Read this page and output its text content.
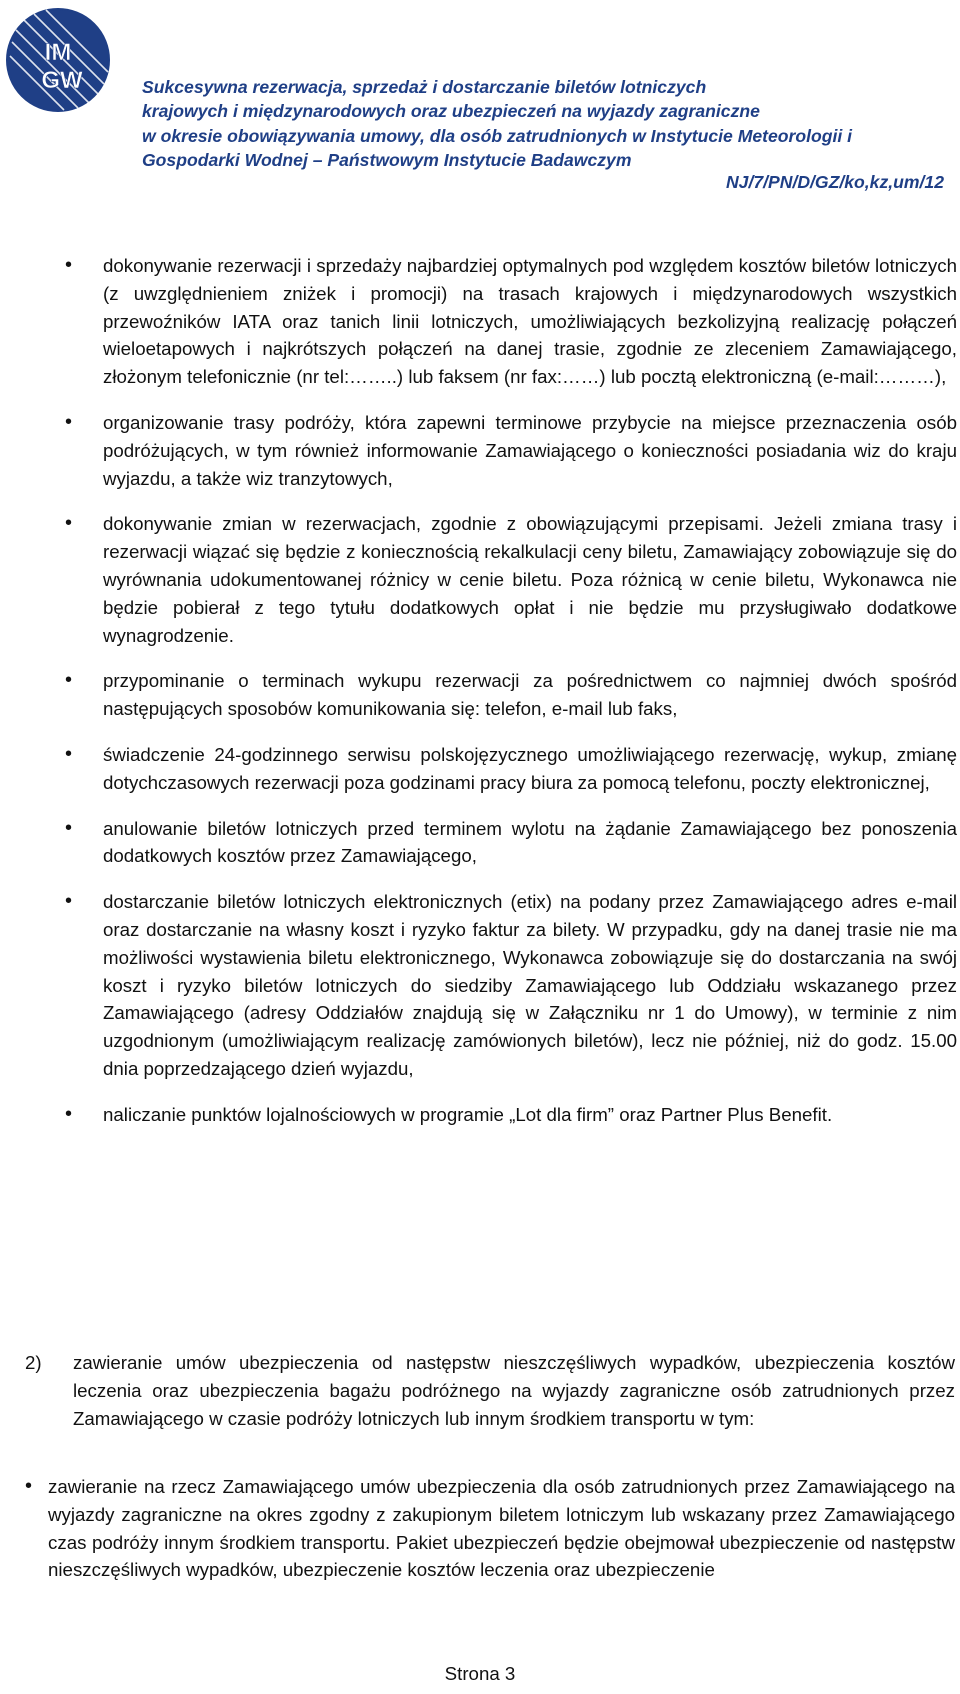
IM
GW	Sukcesywna rezerwacja, sprzedaż i dostarczanie biletów lotniczych
krajowych i międzynarodowych oraz ubezpieczeń na wyjazdy zagraniczne
w okresie obowiązywania umowy, dla osób zatrudnionych w Instytucie Meteorologii i
Gospodarki Wodnej – Państwowym Instytucie Badawczym
NJ/7/PN/D/GZ/ko,kz,um/12
• dokonywanie rezerwacji i sprzedaży najbardziej optymalnych pod względem kosztów biletów lotniczych (z uwzględnieniem zniżek i promocji) na trasach krajowych i międzynarodowych wszystkich przewoźników IATA oraz tanich linii lotniczych, umożliwiających bezkolizyjną realizację połączeń wieloetapowych i najkrótszych połączeń na danej trasie, zgodnie ze zleceniem Zamawiającego, złożonym telefonicznie (nr tel:……..) lub faksem (nr fax:……) lub pocztą elektroniczną (e-mail:………),
• organizowanie trasy podróży, która zapewni terminowe przybycie na miejsce przeznaczenia osób podróżujących, w tym również informowanie Zamawiającego o konieczności posiadania wiz do kraju wyjazdu, a także wiz tranzytowych,
• dokonywanie zmian w rezerwacjach, zgodnie z obowiązującymi przepisami. Jeżeli zmiana trasy i rezerwacji wiązać się będzie z koniecznością rekalkulacji ceny biletu, Zamawiający zobowiązuje się do wyrównania udokumentowanej różnicy w cenie biletu. Poza różnicą w cenie biletu, Wykonawca nie będzie pobierał z tego tytułu dodatkowych opłat i nie będzie mu przysługiwało dodatkowe wynagrodzenie.
• przypominanie o terminach wykupu rezerwacji za pośrednictwem co najmniej dwóch spośród następujących sposobów komunikowania się: telefon, e-mail lub faks,
• świadczenie 24-godzinnego serwisu polskojęzycznego umożliwiającego rezerwację, wykup, zmianę dotychczasowych rezerwacji poza godzinami pracy biura za pomocą telefonu, poczty elektronicznej,
• anulowanie biletów lotniczych przed terminem wylotu na żądanie Zamawiającego bez ponoszenia dodatkowych kosztów przez Zamawiającego,
• dostarczanie biletów lotniczych elektronicznych (etix) na podany przez Zamawiającego adres e-mail oraz dostarczanie na własny koszt i ryzyko faktur za bilety. W przypadku, gdy na danej trasie nie ma możliwości wystawienia biletu elektronicznego, Wykonawca zobowiązuje się do dostarczania na swój koszt i ryzyko biletów lotniczych do siedziby Zamawiającego lub Oddziału wskazanego przez Zamawiającego (adresy Oddziałów znajdują się w Załączniku nr 1 do Umowy), w terminie z nim uzgodnionym (umożliwiającym realizację zamówionych biletów), lecz nie później, niż do godz. 15.00 dnia poprzedzającego dzień wyjazdu,
• naliczanie punktów lojalnościowych w programie „Lot dla firm” oraz Partner Plus Benefit.
2)	zawieranie umów ubezpieczenia od następstw nieszczęśliwych wypadków, ubezpieczenia kosztów leczenia oraz ubezpieczenia bagażu podróżnego na wyjazdy zagraniczne osób zatrudnionych przez Zamawiającego w czasie podróży lotniczych lub innym środkiem transportu w tym:
• zawieranie na rzecz Zamawiającego umów ubezpieczenia dla osób zatrudnionych przez Zamawiającego na wyjazdy zagraniczne na okres zgodny z zakupionym biletem lotniczym lub wskazany przez Zamawiającego czas podróży innym środkiem transportu. Pakiet ubezpieczeń będzie obejmował ubezpieczenie od następstw nieszczęśliwych wypadków, ubezpieczenie kosztów leczenia oraz ubezpieczenie
Strona 3
